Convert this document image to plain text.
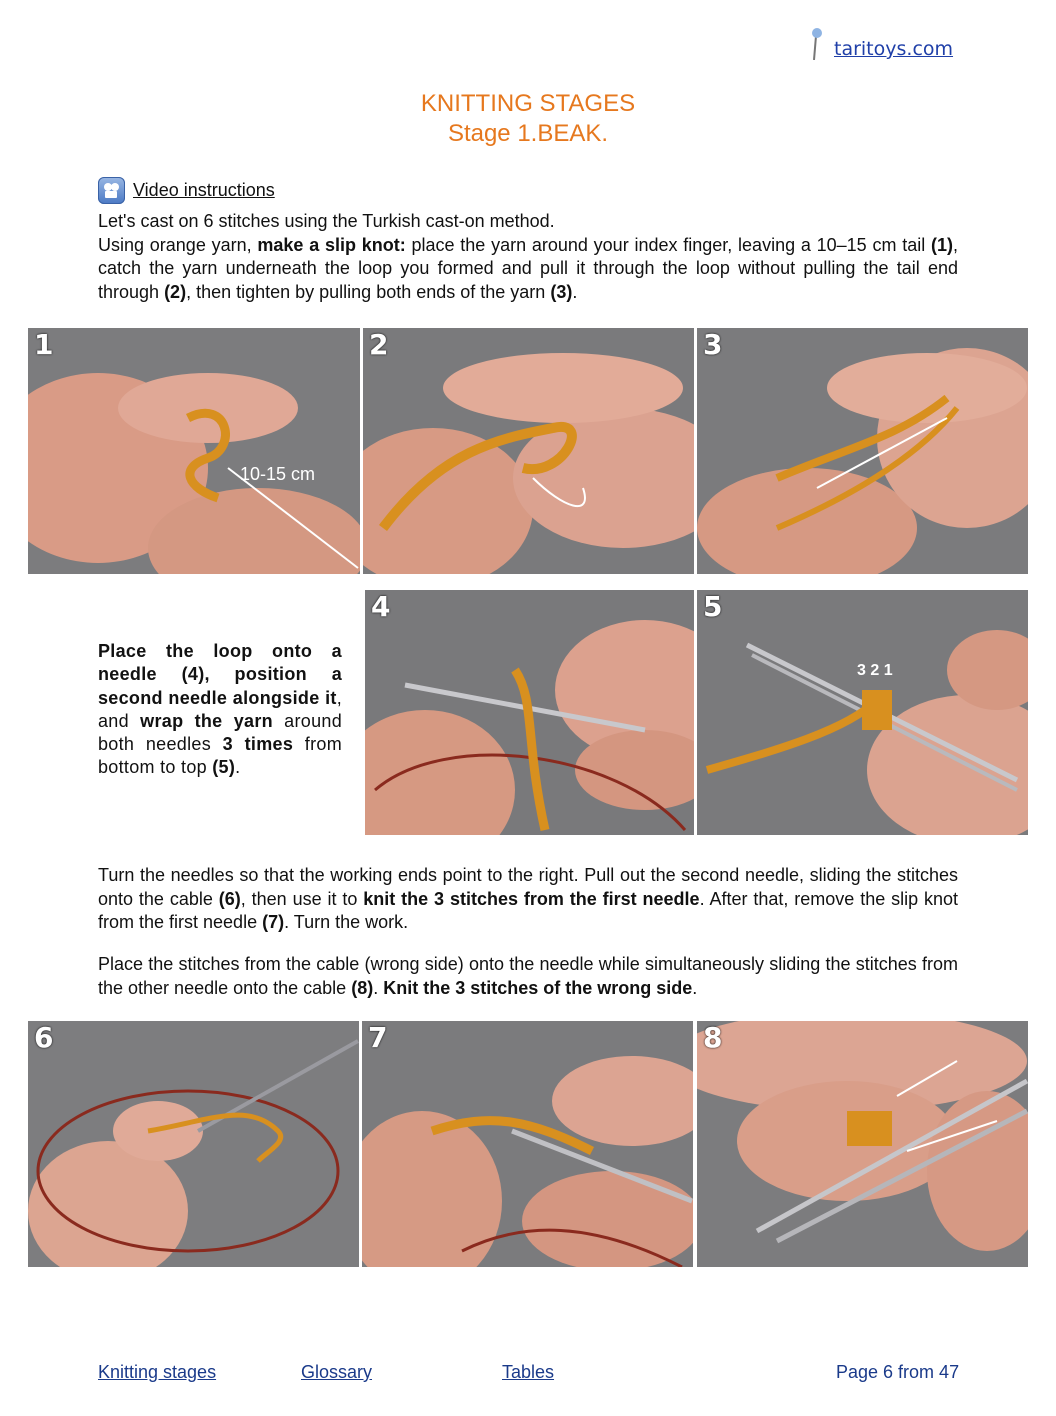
taritoys.com
KNITTING STAGES
Stage 1.BEAK.
Video instructions
Let's cast on 6 stitches using the Turkish cast-on method.
Using orange yarn, make a slip knot: place the yarn around your index finger, leaving a 10–15 cm tail (1), catch the yarn underneath the loop you formed and pull it through the loop without pulling the tail end through (2), then tighten by pulling both ends of the yarn (3).
1
10-15 cm
2	3
Place the loop onto a needle (4), position a second needle alongside it, and wrap the yarn around both needles 3 times from bottom to top (5).
4	5
3 2 1
Turn the needles so that the working ends point to the right. Pull out the second needle, sliding the stitches onto the cable (6), then use it to knit the 3 stitches from the first needle. After that, remove the slip knot from the first needle (7). Turn the work.
Place the stitches from the cable (wrong side) onto the needle while simultaneously sliding the stitches from the other needle onto the cable (8). Knit the 3 stitches of the wrong side.
6	7	8
Knitting stages	Glossary	Tables	Page 6 from 47
